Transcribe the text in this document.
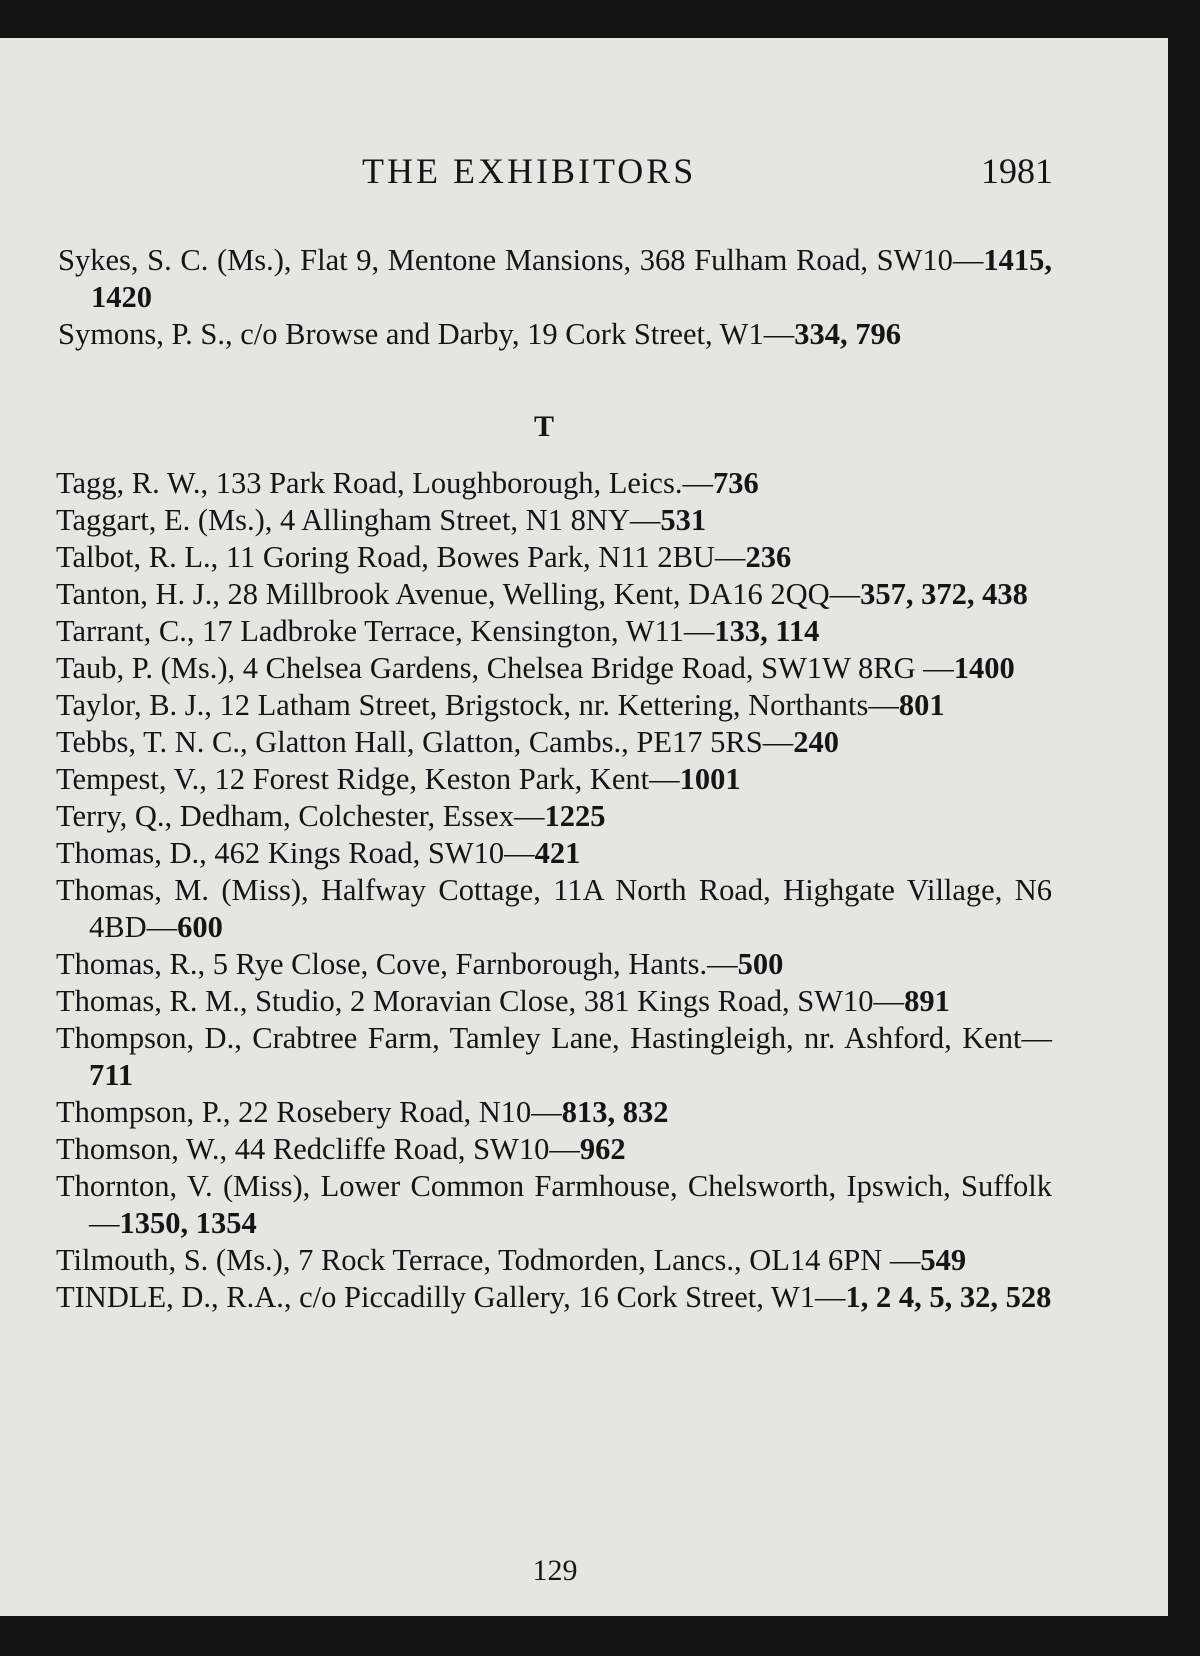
THE EXHIBITORS	1981

Sykes, S. C. (Ms.), Flat 9, Mentone Mansions, 368 Fulham Road, SW10—1415, 1420

Symons, P. S., c/o Browse and Darby, 19 Cork Street, W1—334, 796

T

Tagg, R. W., 133 Park Road, Loughborough, Leics.—736

Taggart, E. (Ms.), 4 Allingham Street, N1 8NY—531

Talbot, R. L., 11 Goring Road, Bowes Park, N11 2BU—236

Tanton, H. J., 28 Millbrook Avenue, Welling, Kent, DA16 2QQ—357, 372, 438

Tarrant, C., 17 Ladbroke Terrace, Kensington, W11—133, 114

Taub, P. (Ms.), 4 Chelsea Gardens, Chelsea Bridge Road, SW1W 8RG —1400

Taylor, B. J., 12 Latham Street, Brigstock, nr. Kettering, Northants—801

Tebbs, T. N. C., Glatton Hall, Glatton, Cambs., PE17 5RS—240

Tempest, V., 12 Forest Ridge, Keston Park, Kent—1001

Terry, Q., Dedham, Colchester, Essex—1225

Thomas, D., 462 Kings Road, SW10—421

Thomas, M. (Miss), Halfway Cottage, 11A North Road, Highgate Village, N6 4BD—600

Thomas, R., 5 Rye Close, Cove, Farnborough, Hants.—500

Thomas, R. M., Studio, 2 Moravian Close, 381 Kings Road, SW10—891

Thompson, D., Crabtree Farm, Tamley Lane, Hastingleigh, nr. Ashford, Kent—711

Thompson, P., 22 Rosebery Road, N10—813, 832

Thomson, W., 44 Redcliffe Road, SW10—962

Thornton, V. (Miss), Lower Common Farmhouse, Chelsworth, Ipswich, Suffolk—1350, 1354

Tilmouth, S. (Ms.), 7 Rock Terrace, Todmorden, Lancs., OL14 6PN —549

TINDLE, D., R.A., c/o Piccadilly Gallery, 16 Cork Street, W1—1, 2 4, 5, 32, 528

129
